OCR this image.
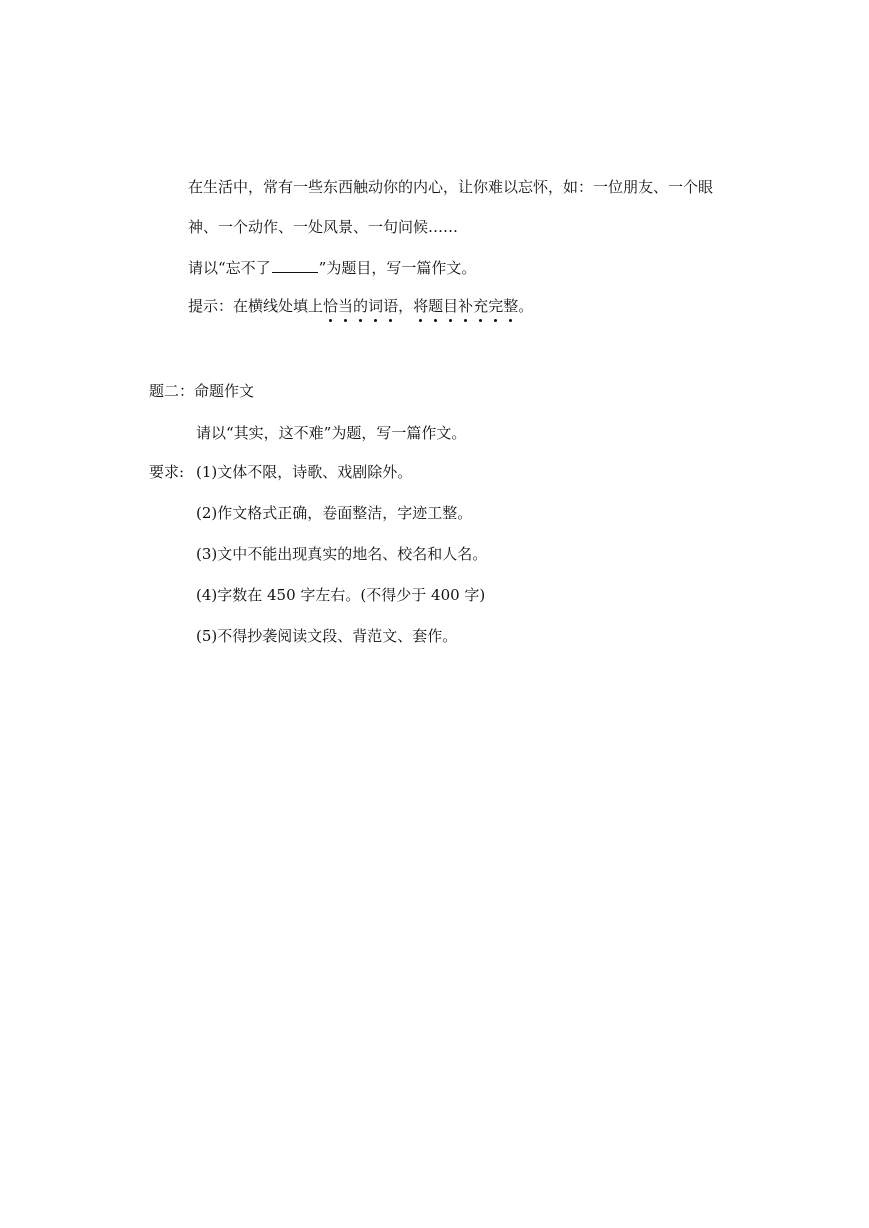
在生活中，常有一些东西触动你的内心，让你难以忘怀，如：一位朋友、一个眼
神、一个动作、一处风景、一句问候……
请以“忘不了	”为题目，写一篇作文。
提示：在横线处填上恰当的词语，将题目补充完整。
题二：命题作文
请以“其实，这不难”为题，写一篇作文。
要求: (1)文体不限，诗歌、戏剧除外。
(2)作文格式正确，卷面整洁，字迹工整。
(3)文中不能出现真实的地名、校名和人名。
(4)字数在 450 字左右。(不得少于 400 字)
(5)不得抄袭阅读文段、背范文、套作。
